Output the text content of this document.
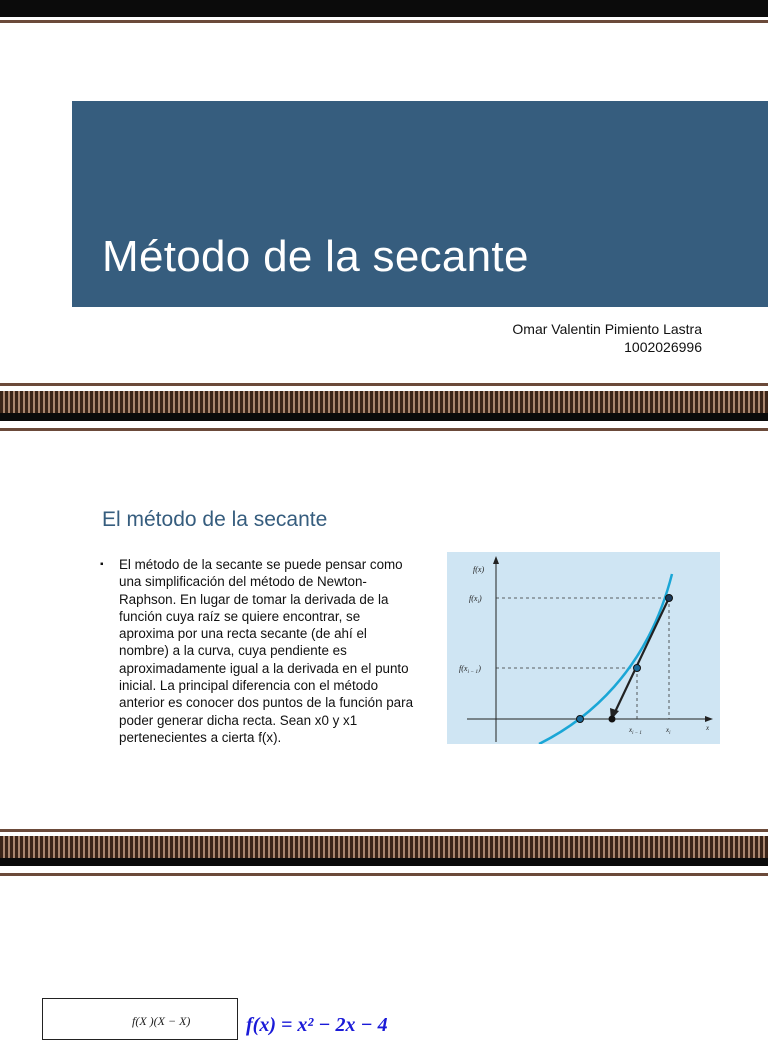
Método de la secante
Omar Valentin Pimiento Lastra
1002026996
El método de la secante
▪ El método de la secante se puede pensar como una simplificación del método de Newton-Raphson. En lugar de tomar la derivada de la función cuya raíz se quiere encontrar, se aproxima por una recta secante (de ahí el nombre) a la curva, cuya pendiente es aproximadamente igual a la derivada en el punto inicial. La principal diferencia con el método anterior es conocer dos puntos de la función para poder generar dicha recta. Sean x0 y x1 pertenecientes a cierta f(x).
f(x)
$f(x_i)$
$f(x_{i - 1})$
x
$x_{i - 1}$	$x_i$
f(X )(X − X)	f(x) = x² − 2x − 4
